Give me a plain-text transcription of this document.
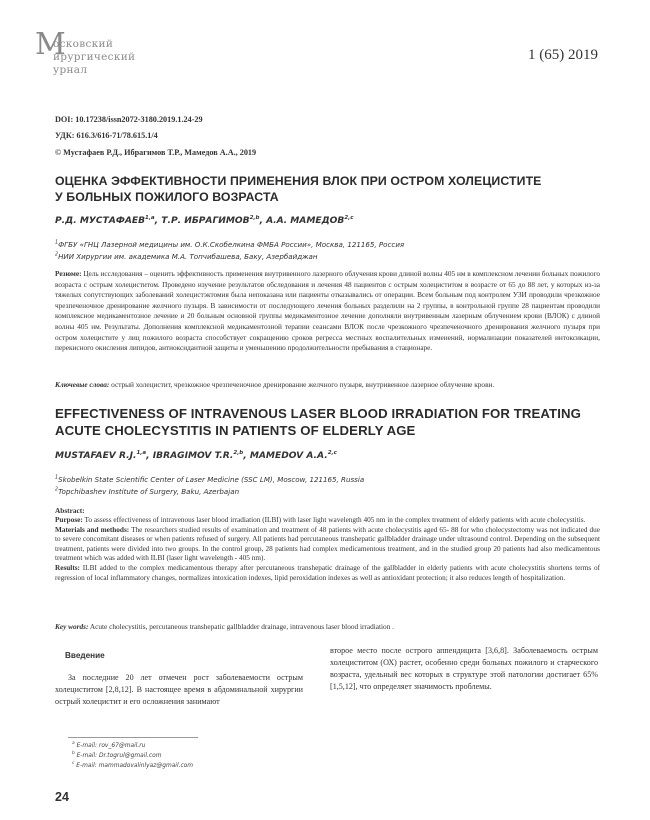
M
осковский
ирургический
урнал
1 (65) 2019
DOI: 10.17238/issn2072-3180.2019.1.24-29
УДК: 616.3/616-71/78.615.1/4
© Мустафаев Р.Д., Ибрагимов Т.Р., Мамедов А.А., 2019
ОЦЕНКА ЭФФЕКТИВНОСТИ ПРИМЕНЕНИЯ ВЛОК ПРИ ОСТРОМ ХОЛЕЦИСТИТЕ
У БОЛЬНЫХ ПОЖИЛОГО ВОЗРАСТА
Р.Д. МУСТАФАЕВ$^{1,a}$, Т.Р. ИБРАГИМОВ$^{2,b}$, А.А. МАМЕДОВ$^{2,c}$
$^1$ФГБУ «ГНЦ Лазерной медицины им. О.К.Скобелкина ФМБА России», Москва, 121165, Россия
$^2$НИИ Хирургии им. академика М.А. Топчибашева, Баку, Азербайджан
Резюме: Цель исследования – оценить эффективность применения внутривенного лазерного облучения крови длиной волны 405 нм в комплексном лечении больных пожилого возраста с острым холециститом. Проведено изучение результатов обследования и лечения 48 пациентов с острым холециститом в возрасте от 65 до 88 лет, у которых из-за тяжелых сопутствующих заболеваний холецистэктомия была непоказана или пациенты отказывались от операции. Всем больным под контролем УЗИ проводили чрезкожное чрезпеченочное дренирование желчного пузыря. В зависимости от последующего лечения больных разделили на 2 группы, в контрольной группе 28 пациентам проводили комплексное медикаментозное лечение и 20 больным основной группы медикаментозное лечение дополняли внутривенным лазерным облучением крови (ВЛОК) с длиной волны 405 нм. Результаты. Дополнения комплексной медикаментозной терапии сеансами ВЛОК после чрезкожного чрезпеченочного дренирования желчного пузыря при остром холецистите у лиц пожилого возраста способствует сокращению сроков регресса местных воспалительных изменений, нормализации показателей интоксикации, перекисного окисления липидов, антиоксидантной защиты и уменьшению продолжительности пребывания в стационаре.
Ключевые слова: острый холецистит, чрезкожное чрезпеченочное дренирование желчного пузыря, внутривенное лазерное облучение крови.
EFFECTIVENESS OF INTRAVENOUS LASER BLOOD IRRADIATION FOR TREATING
ACUTE CHOLECYSTITIS IN PATIENTS OF ELDERLY AGE
MUSTAFAEV R.J.$^{1,a}$, IBRAGIMOV T.R.$^{2,b}$, MAMEDOV A.A.$^{2,c}$
$^1$Skobelkin State Scientific Center of Laser Medicine (SSC LM), Moscow, 121165, Russia
$^2$Topchibashev Institute of Surgery, Baku, Azerbajan
Abstract:

Purpose: To assess effectiveness of intravenous laser blood irradiation (ILBI) with laser light wavelength 405 nm in the complex treatment of elderly patients with acute cholecystitis.

Materials and methods: The researchers studied results of examination and treatment of 48 patients with acute cholecystitis aged 65- 88 for who cholecystectomy was not indicated due to severe concomitant diseases or when patients refused of surgery. All patients had percutaneous transhepatic gallbladder drainage under ultrasound control. Depending on the subsequent treatment, patients were divided into two groups. In the control group, 28 patients had complex medicamentous treatment, and in the studied group 20 patients had also medicamentous treatment which was added with ILBI (laser light wavelength - 405 nm).

Results: ILBI added to the complex medicamentous therapy after percutaneous transhepatic drainage of the gallbladder in elderly patients with acute cholecystitis shortens terms of regression of local inflammatory changes, normalizes intoxication indexes, lipid peroxidation indexes as well as antioxidant protection; it also reduces length of hospitalization.

Key words: Acute cholecystitis, percutaneous transhepatic gallbladder drainage, intravenous laser blood irradiation .
Введение

За последние 20 лет отмечен рост заболеваемости острым холециститом [2,8,12]. В настоящее время в абдоминальной хирургии острый холецистит и его осложнения занимают

второе место после острого аппендицита [3,6,8]. Заболеваемость острым холециститом (ОХ) растет, особенно среди больных пожилого и старческого возраста, удельный вес которых в структуре этой патологии достигает 65% [1,5,12], что определяет значимость проблемы.

$^a$ E-mail: rov_67@mail.ru
$^b$ E-mail: Dr.togrul@gmail.com
$^c$ E-mail: mammadovalinlyaz@gmail.com
24
